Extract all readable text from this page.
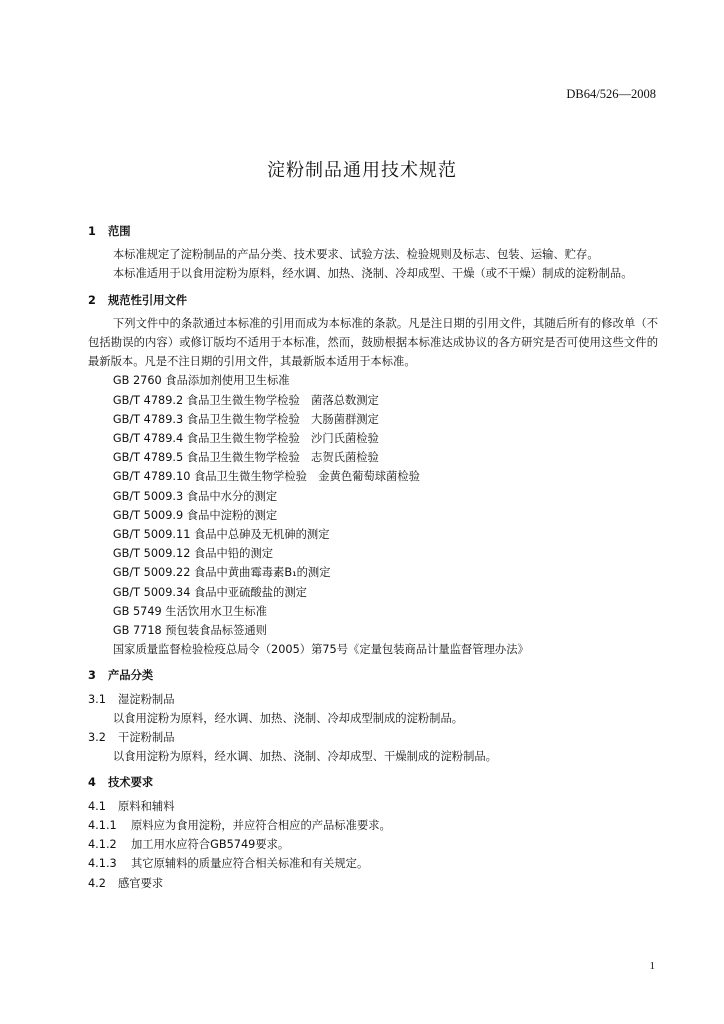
DB64/526—2008
淀粉制品通用技术规范
1 范围
本标准规定了淀粉制品的产品分类、技术要求、试验方法、检验规则及标志、包装、运输、贮存。
本标准适用于以食用淀粉为原料，经水调、加热、浇制、冷却成型、干燥（或不干燥）制成的淀粉制品。
2 规范性引用文件
下列文件中的条款通过本标准的引用而成为本标准的条款。凡是注日期的引用文件，其随后所有的修改单（不包括勘误的内容）或修订版均不适用于本标准，然而，鼓励根据本标准达成协议的各方研究是否可使用这些文件的最新版本。凡是不注日期的引用文件，其最新版本适用于本标准。
GB 2760 食品添加剂使用卫生标准
GB/T 4789.2 食品卫生微生物学检验　菌落总数测定
GB/T 4789.3 食品卫生微生物学检验　大肠菌群测定
GB/T 4789.4 食品卫生微生物学检验　沙门氏菌检验
GB/T 4789.5 食品卫生微生物学检验　志贺氏菌检验
GB/T 4789.10 食品卫生微生物学检验　金黄色葡萄球菌检验
GB/T 5009.3 食品中水分的测定
GB/T 5009.9 食品中淀粉的测定
GB/T 5009.11 食品中总砷及无机砷的测定
GB/T 5009.12 食品中铅的测定
GB/T 5009.22 食品中黄曲霉毒素B₁的测定
GB/T 5009.34 食品中亚硫酸盐的测定
GB 5749 生活饮用水卫生标准
GB 7718 预包装食品标签通则
国家质量监督检验检疫总局令（2005）第75号《定量包装商品计量监督管理办法》
3 产品分类
3.1 湿淀粉制品
以食用淀粉为原料，经水调、加热、浇制、冷却成型制成的淀粉制品。
3.2 干淀粉制品
以食用淀粉为原料，经水调、加热、浇制、冷却成型、干燥制成的淀粉制品。
4 技术要求
4.1 原料和辅料
4.1.1 原料应为食用淀粉，并应符合相应的产品标准要求。
4.1.2 加工用水应符合GB5749要求。
4.1.3 其它原辅料的质量应符合相关标准和有关规定。
4.2 感官要求
1
